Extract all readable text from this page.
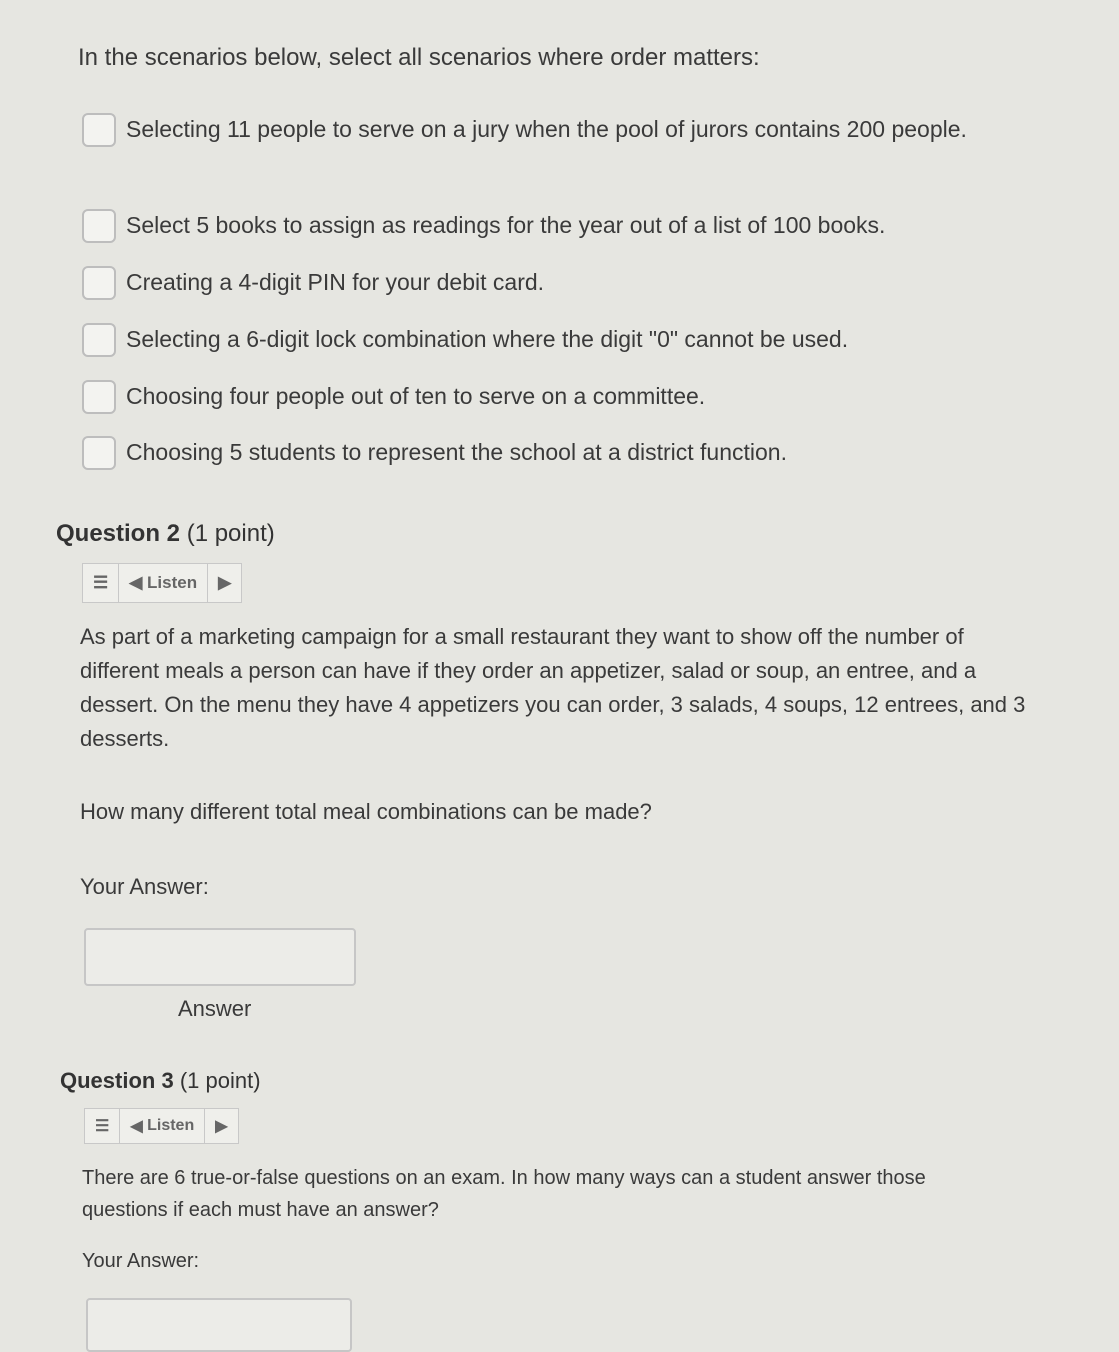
In the scenarios below, select all scenarios where order matters:
Selecting 11 people to serve on a jury when the pool of jurors contains 200 people.
Select 5 books to assign as readings for the year out of a list of 100 books.
Creating a 4-digit PIN for your debit card.
Selecting a 6-digit lock combination where the digit "0" cannot be used.
Choosing four people out of ten to serve on a committee.
Choosing 5 students to represent the school at a district function.
Question 2 (1 point)
☰	◀ Listen	▶
As part of a marketing campaign for a small restaurant they want to show off the number of different meals a person can have if they order an appetizer, salad or soup, an entree, and a dessert. On the menu they have 4 appetizers you can order, 3 salads, 4 soups, 12 entrees, and 3 desserts.
How many different total meal combinations can be made?
Your Answer:
Answer
Question 3 (1 point)
☰	◀ Listen	▶
There are 6 true-or-false questions on an exam. In how many ways can a student answer those questions if each must have an answer?
Your Answer:
